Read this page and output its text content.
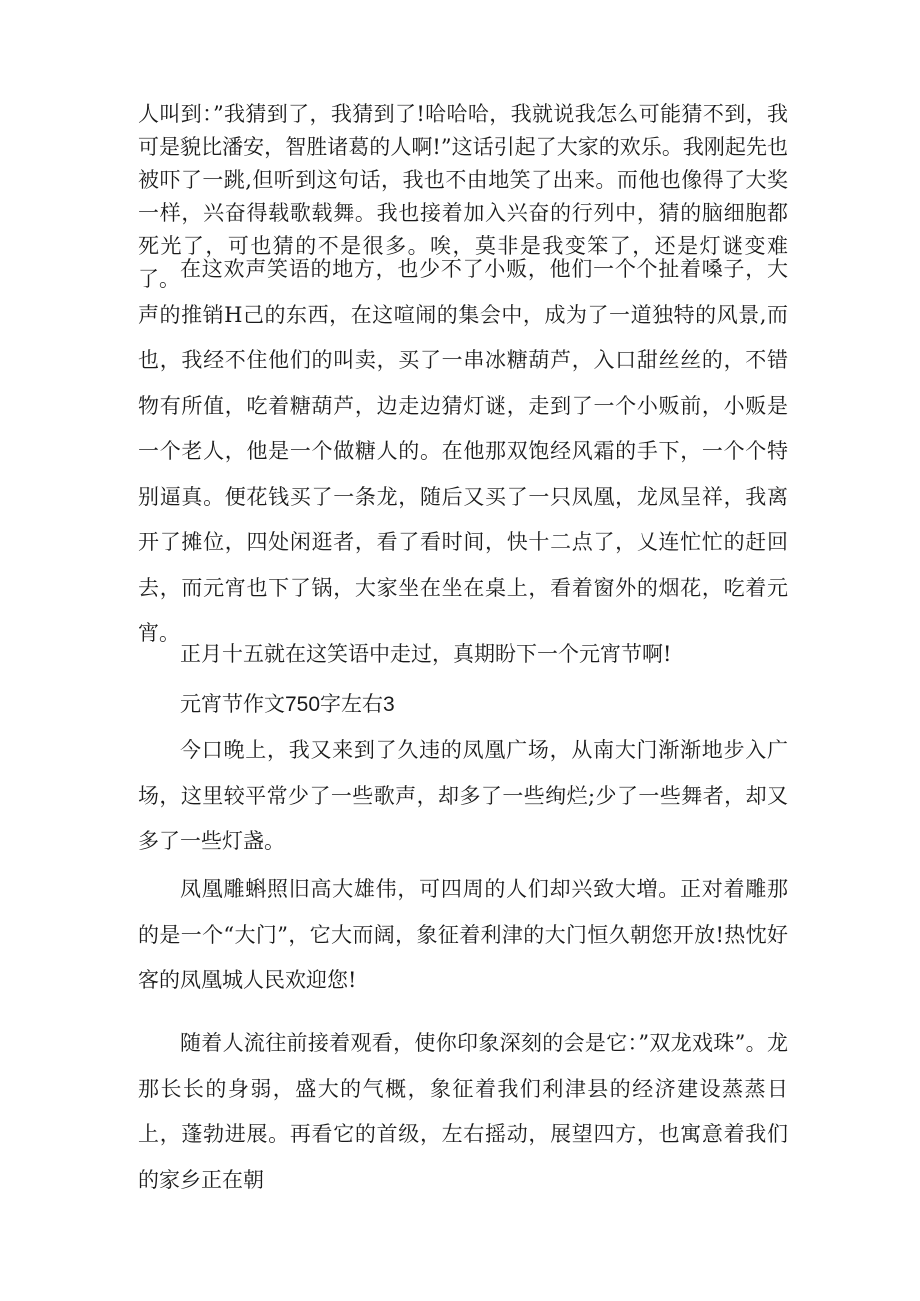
人叫到：”我猜到了，我猜到了!哈哈哈，我就说我怎么可能猜不到，我可是貌比潘安，智胜诸葛的人啊!”这话引起了大家的欢乐。我刚起先也被吓了一跳,但听到这句话，我也不由地笑了出来。而他也像得了大奖一样，兴奋得载歌载舞。我也接着加入兴奋的行列中，猜的脑细胞都死光了，可也猜的不是很多。唉，莫非是我变笨了，还是灯谜变难了。 在这欢声笑语的地方，也少不了小贩，他们一个个扯着嗓子，大声的推销H己的东西，在这喧闹的集会中，成为了一道独特的风景,而也，我经不住他们的叫卖，买了一串冰糖葫芦，入口甜丝丝的，不错物有所值，吃着糖葫芦，边走边猜灯谜，走到了一个小贩前，小贩是一个老人，他是一个做糖人的。在他那双饱经风霜的手下，一个个特别逼真。便花钱买了一条龙，随后又买了一只凤凰，龙凤呈祥，我离开了摊位，四处闲逛者，看了看时间，快十二点了，乂连忙忙的赶回去，而元宵也下了锅，大家坐在坐在桌上，看着窗外的烟花，吃着元宵。

正月十五就在这笑语中走过，真期盼下一个元宵节啊!

元宵节作文750字左右3

今口晚上，我又来到了久违的凤凰广场，从南大门渐渐地步入广场，这里较平常少了一些歌声，却多了一些绚烂;少了一些舞者，却又多了一些灯盏。

凤凰雕蝌照旧高大雄伟，可四周的人们却兴致大増。正对着雕那的是一个“大门”，它大而阔，象征着利津的大门恒久朝您开放!热忱好客的凤凰城人民欢迎您!

随着人流往前接着观看，使你印象深刻的会是它：”双龙戏珠”。龙那长长的身弱，盛大的气概，象征着我们利津县的经济建设蒸蒸日上，蓬勃进展。再看它的首级，左右摇动，展望四方，也寓意着我们的家乡正在朝
